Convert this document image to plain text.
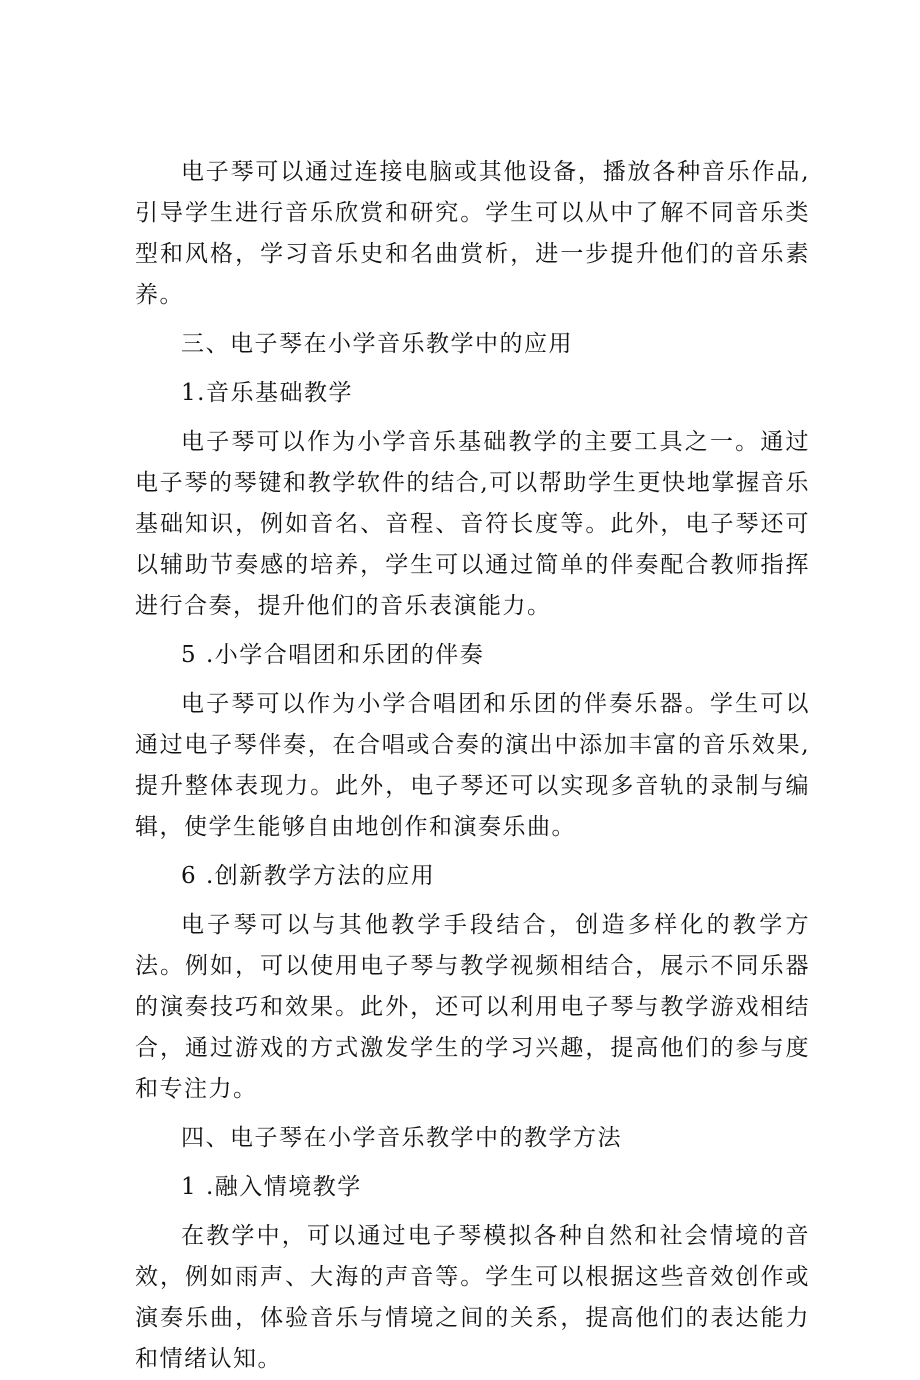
电子琴可以通过连接电脑或其他设备，播放各种音乐作品,引导学生进行音乐欣赏和研究。学生可以从中了解不同音乐类型和风格，学习音乐史和名曲赏析，进一步提升他们的音乐素养。

三、电子琴在小学音乐教学中的应用

1.音乐基础教学

电子琴可以作为小学音乐基础教学的主要工具之一。通过电子琴的琴键和教学软件的结合,可以帮助学生更快地掌握音乐基础知识，例如音名、音程、音符长度等。此外，电子琴还可以辅助节奏感的培养，学生可以通过简单的伴奏配合教师指挥进行合奏，提升他们的音乐表演能力。

5 .小学合唱团和乐团的伴奏

电子琴可以作为小学合唱团和乐团的伴奏乐器。学生可以通过电子琴伴奏，在合唱或合奏的演出中添加丰富的音乐效果,提升整体表现力。此外，电子琴还可以实现多音轨的录制与编辑，使学生能够自由地创作和演奏乐曲。

6 .创新教学方法的应用

电子琴可以与其他教学手段结合，创造多样化的教学方法。例如，可以使用电子琴与教学视频相结合，展示不同乐器的演奏技巧和效果。此外，还可以利用电子琴与教学游戏相结合，通过游戏的方式激发学生的学习兴趣，提高他们的参与度和专注力。

四、电子琴在小学音乐教学中的教学方法

1 .融入情境教学

在教学中，可以通过电子琴模拟各种自然和社会情境的音效，例如雨声、大海的声音等。学生可以根据这些音效创作或演奏乐曲，体验音乐与情境之间的关系，提高他们的表达能力和情绪认知。
